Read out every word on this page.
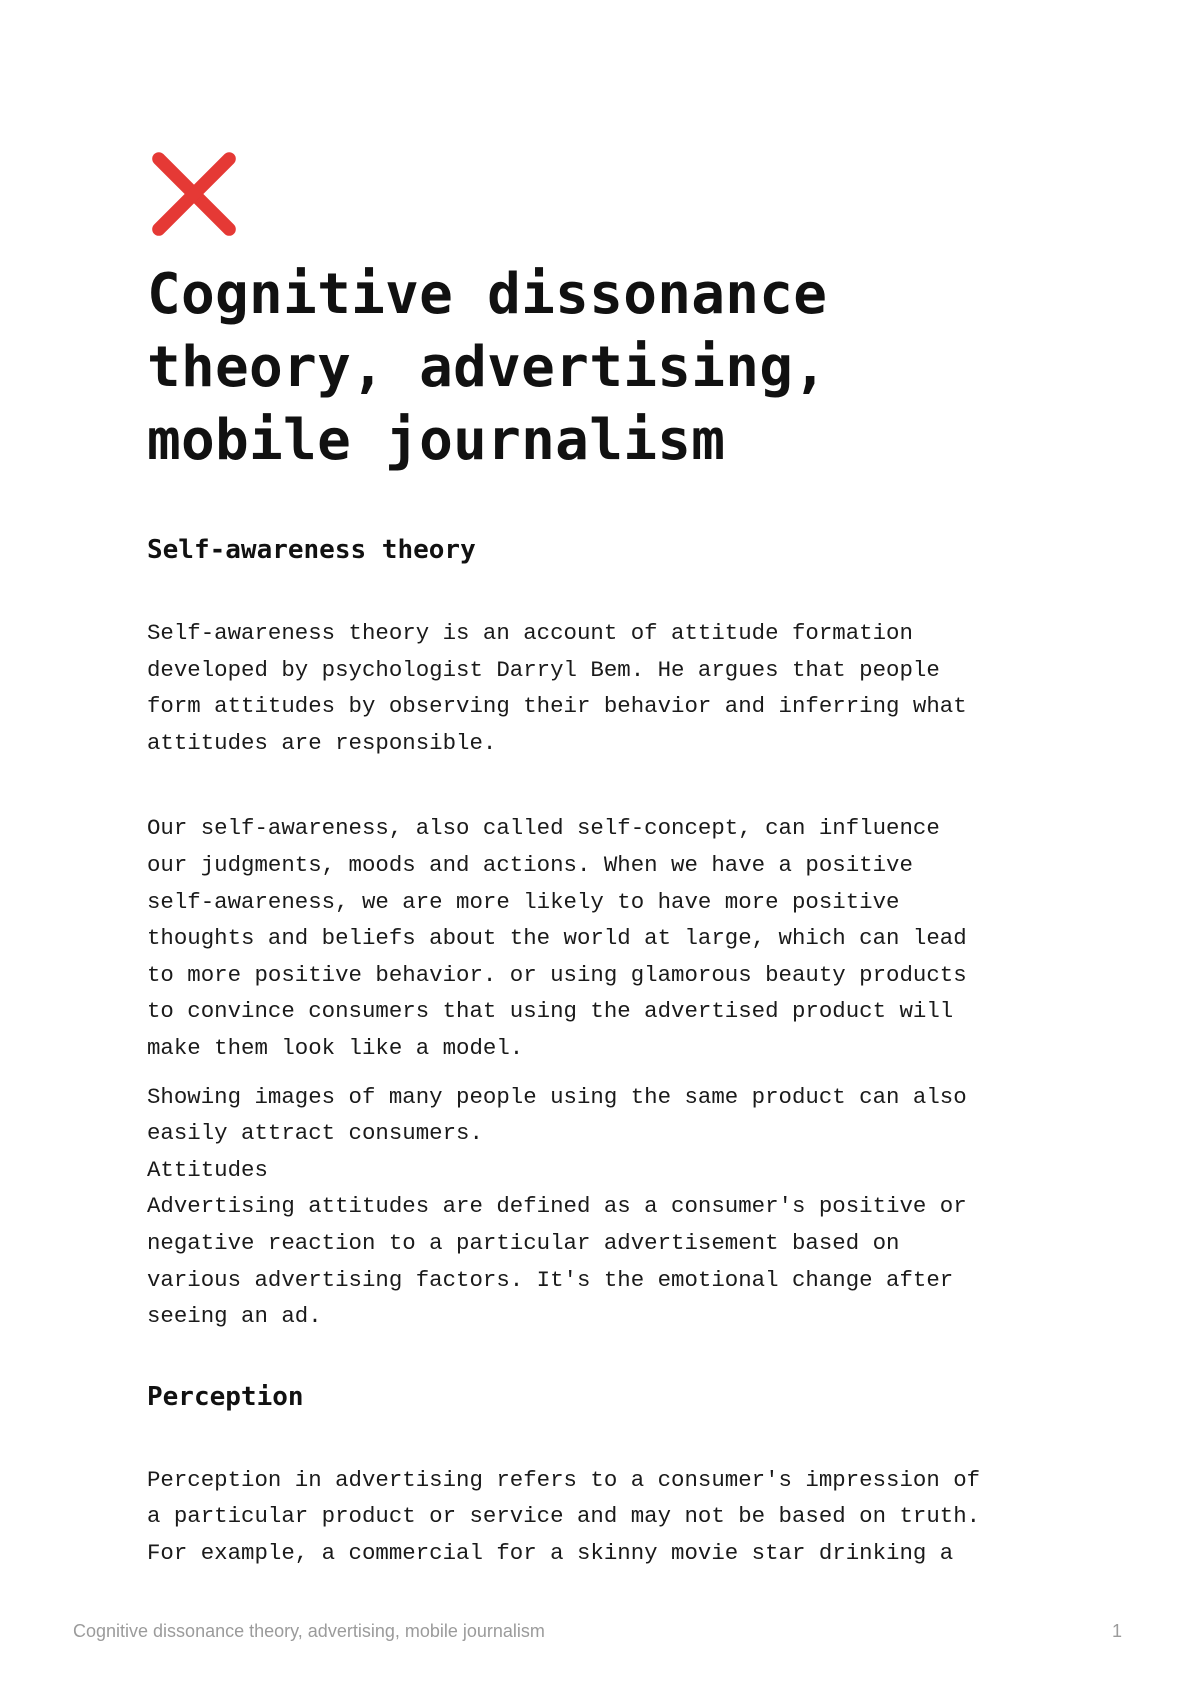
Cognitive dissonance
theory, advertising,
mobile journalism
Self-awareness theory

Self-awareness theory is an account of attitude formation
developed by psychologist Darryl Bem. He argues that people
form attitudes by observing their behavior and inferring what
attitudes are responsible.

Our self-awareness, also called self-concept, can influence
our judgments, moods and actions. When we have a positive
self-awareness, we are more likely to have more positive
thoughts and beliefs about the world at large, which can lead
to more positive behavior. or using glamorous beauty products
to convince consumers that using the advertised product will
make them look like a model.

Showing images of many people using the same product can also
easily attract consumers.
Attitudes
Advertising attitudes are defined as a consumer's positive or
negative reaction to a particular advertisement based on
various advertising factors. It's the emotional change after
seeing an ad.

Perception

Perception in advertising refers to a consumer's impression of
a particular product or service and may not be based on truth.
For example, a commercial for a skinny movie star drinking a

Cognitive dissonance theory, advertising, mobile journalism	1
